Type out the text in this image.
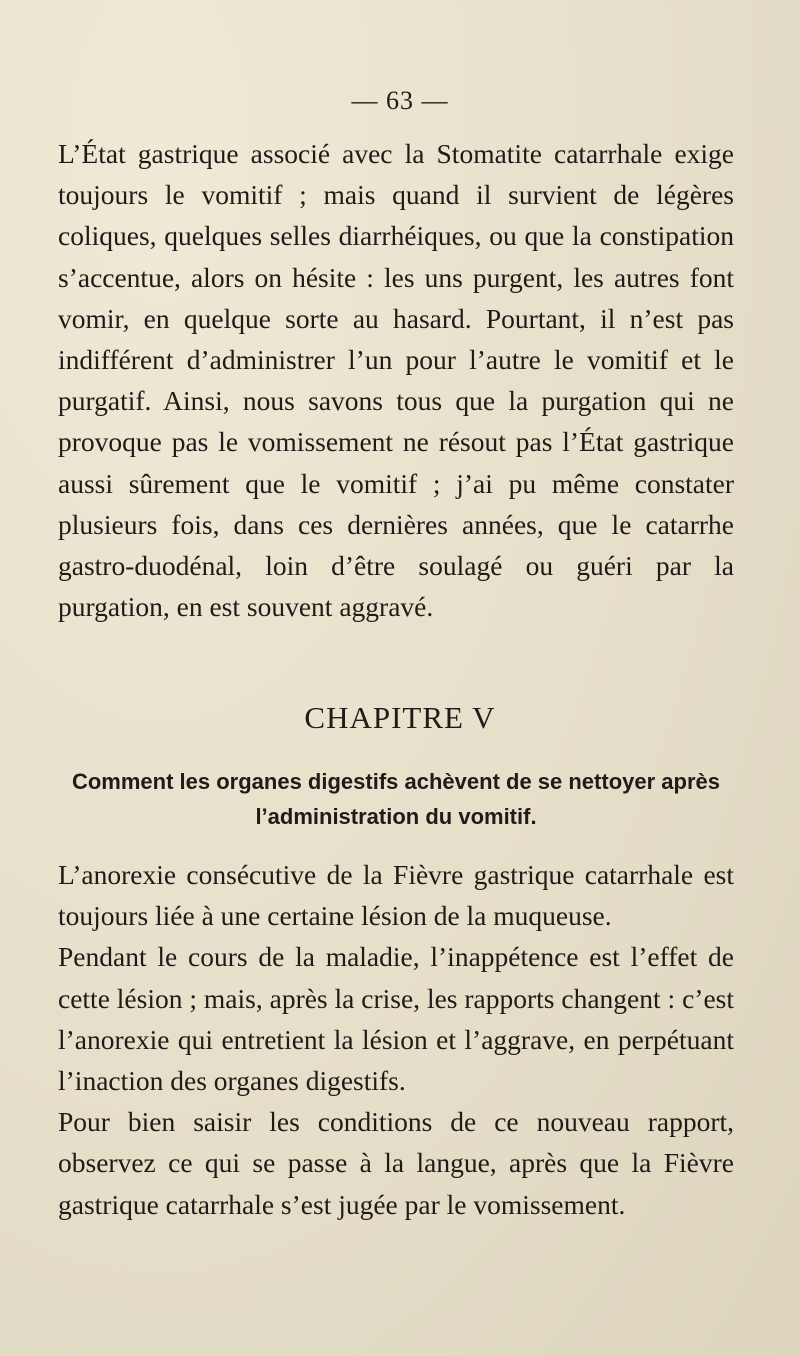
— 63 —

L’État gastrique associé avec la Stomatite catarrhale exige toujours le vomitif ; mais quand il survient de légères coliques, quelques selles diarrhéiques, ou que la constipation s’accentue, alors on hésite : les uns purgent, les autres font vomir, en quelque sorte au hasard. Pourtant, il n’est pas indifférent d’administrer l’un pour l’autre le vomitif et le purgatif. Ainsi, nous savons tous que la purgation qui ne provoque pas le vomissement ne résout pas l’État gastrique aussi sûrement que le vomitif ; j’ai pu même constater plusieurs fois, dans ces dernières années, que le catarrhe gastro-duodénal, loin d’être soulagé ou guéri par la purgation, en est souvent aggravé.

CHAPITRE V

Comment les organes digestifs achèvent de se nettoyer après l’administration du vomitif.

L’anorexie consécutive de la Fièvre gastrique catarrhale est toujours liée à une certaine lésion de la muqueuse.

Pendant le cours de la maladie, l’inappétence est l’effet de cette lésion ; mais, après la crise, les rapports changent : c’est l’anorexie qui entretient la lésion et l’aggrave, en perpétuant l’inaction des organes digestifs.

Pour bien saisir les conditions de ce nouveau rapport, observez ce qui se passe à la langue, après que la Fièvre gastrique catarrhale s’est jugée par le vomissement.
